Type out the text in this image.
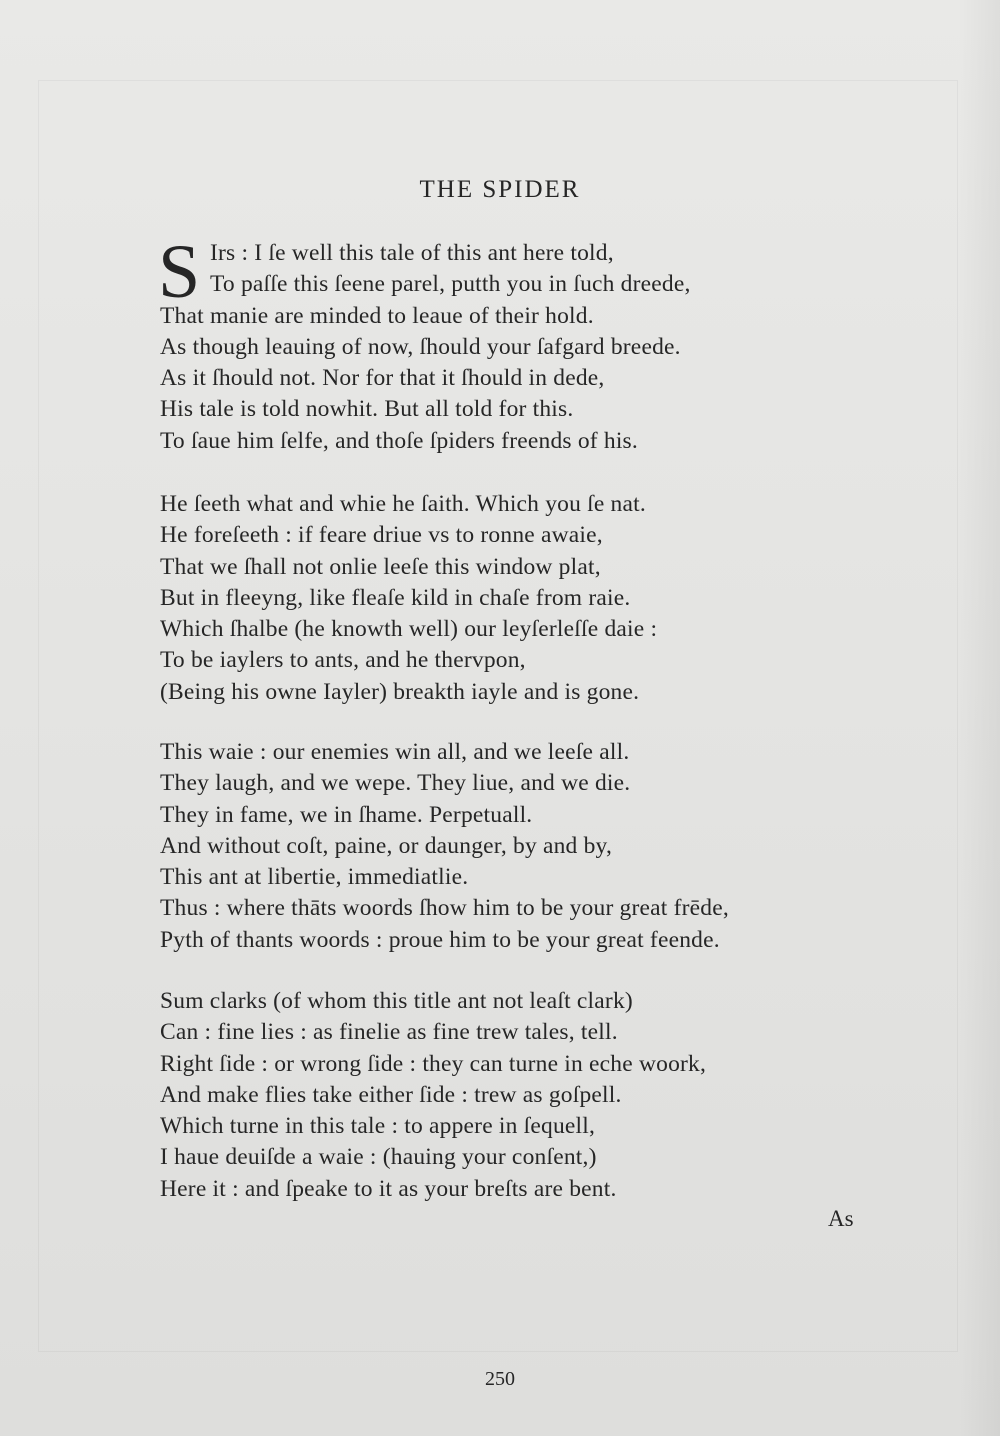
THE SPIDER
S Irs : I ſe well this tale of this ant here told,
To paſſe this ſeene parel, putth you in ſuch dreede,
That manie are minded to leaue of their hold.
As though leauing of now, ſhould your ſafgard breede.
As it ſhould not. Nor for that it ſhould in dede,
His tale is told nowhit. But all told for this.
To ſaue him ſelfe, and thoſe ſpiders freends of his.
He ſeeth what and whie he ſaith. Which you ſe nat.
He foreſeeth : if feare driue vs to ronne awaie,
That we ſhall not onlie leeſe this window plat,
But in fleeyng, like fleaſe kild in chaſe from raie.
Which ſhalbe (he knowth well) our leyſerleſſe daie :
To be iaylers to ants, and he thervpon,
(Being his owne Iayler) breakth iayle and is gone.
This waie : our enemies win all, and we leeſe all.
They laugh, and we wepe. They liue, and we die.
They in fame, we in ſhame. Perpetuall.
And without coſt, paine, or daunger, by and by,
This ant at libertie, immediatlie.
Thus : where thāts woords ſhow him to be your great frēde,
Pyth of thants woords : proue him to be your great feende.
Sum clarks (of whom this title ant not leaſt clark)
Can : fine lies : as finelie as fine trew tales, tell.
Right ſide : or wrong ſide : they can turne in eche woork,
And make flies take either ſide : trew as goſpell.
Which turne in this tale : to appere in ſequell,
I haue deuiſde a waie : (hauing your conſent,)
Here it : and ſpeake to it as your breſts are bent.
As
250
